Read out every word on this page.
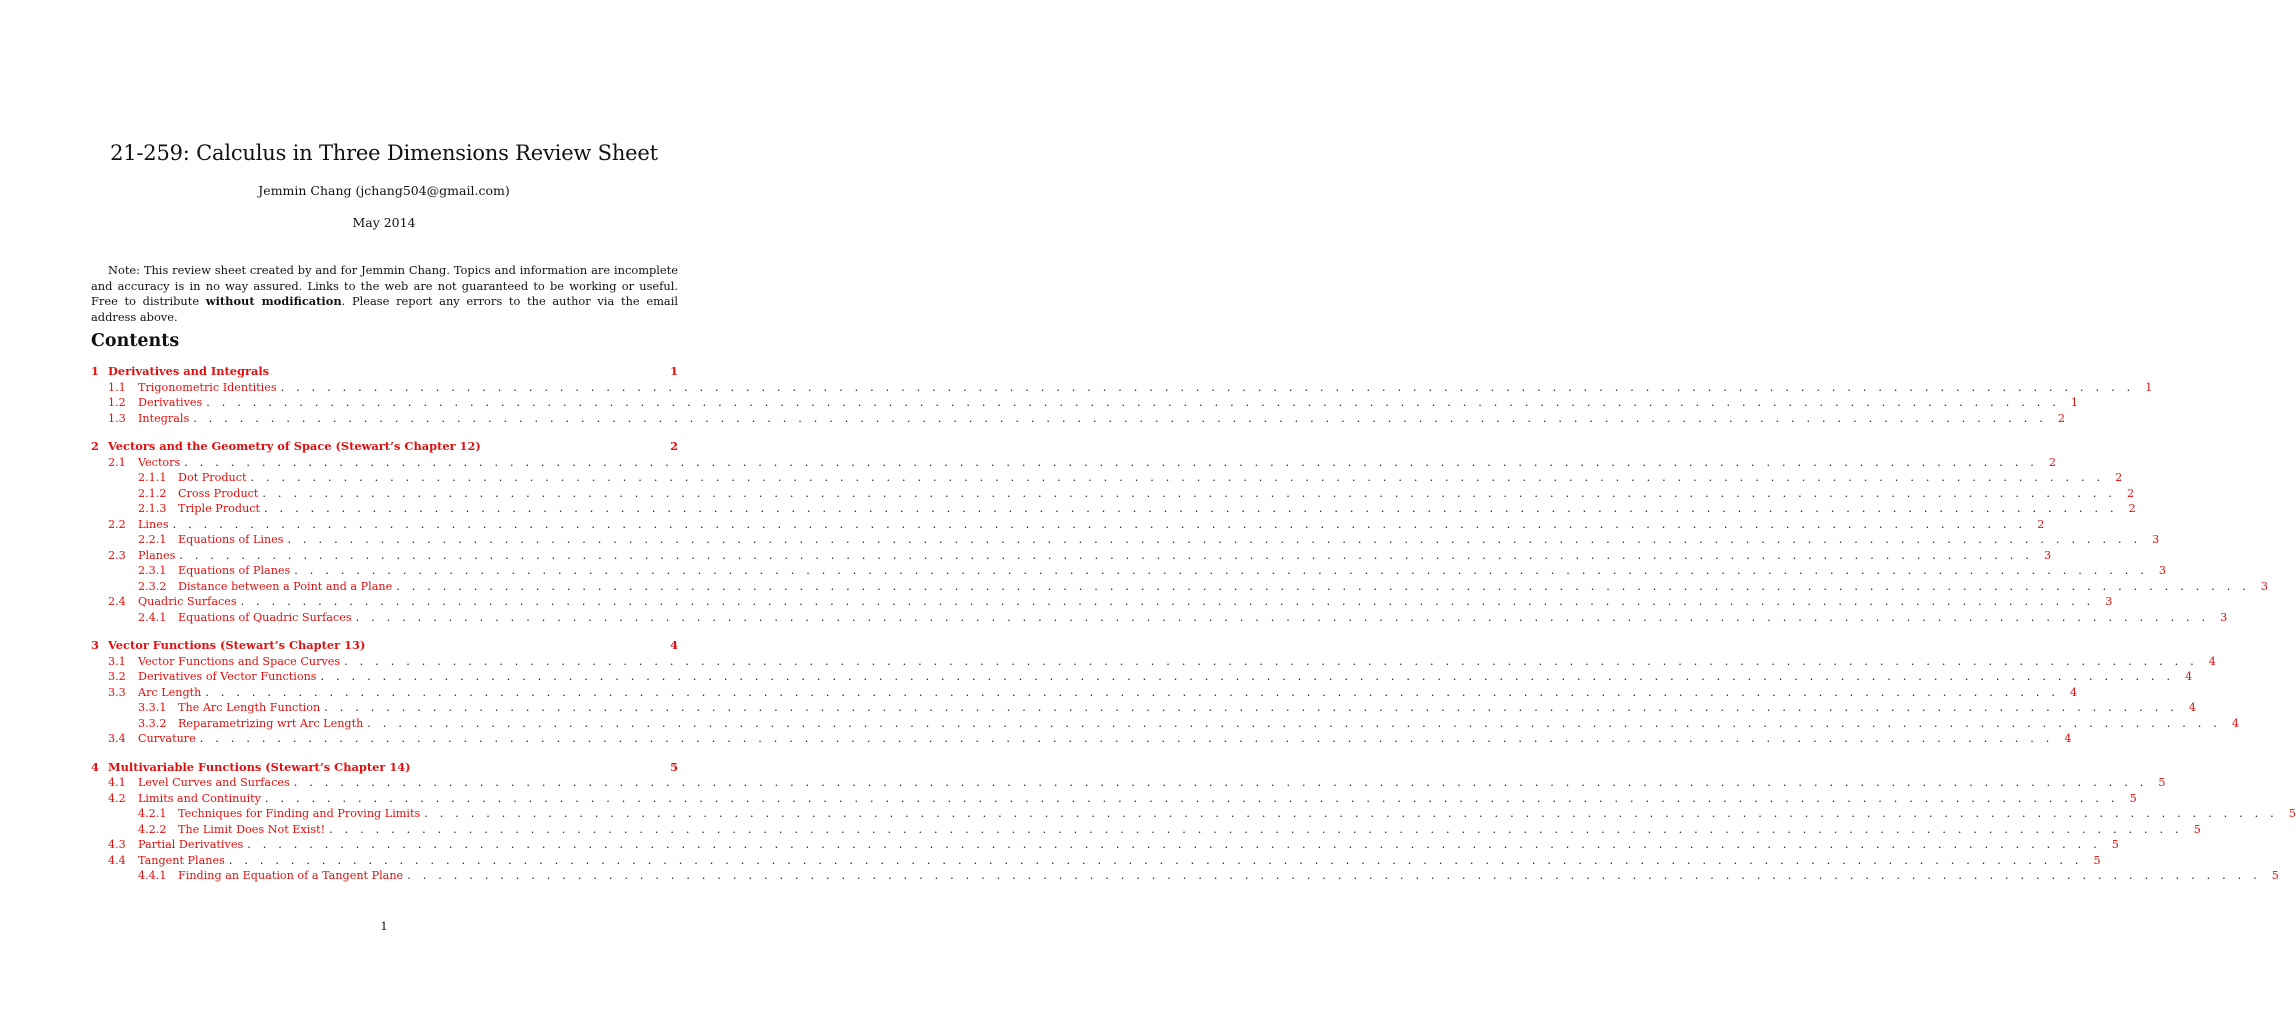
21-259: Calculus in Three Dimensions Review Sheet
Jemmin Chang (jchang504@gmail.com)
May 2014
Note: This review sheet created by and for Jemmin Chang. Topics and information are incomplete and accuracy is in no way assured. Links to the web are not guaranteed to be working or useful. Free to distribute without modification. Please report any errors to the author via the email address above.
Contents
1 Derivatives and Integrals	1
1.1	Trigonometric Identities . . . . . . . . . . . . . . . . . . . . . . . . . . . . . . . . . . . . . . . . . . . . . . . . . . . . . . . . . . . . . . . . . . . . . . . . . . . . . . . . . . . . . . . . . . . . . . . . . . . . . . . . . . . . . . . . . . . . . . . . 1
1.2	Derivatives . . . . . . . . . . . . . . . . . . . . . . . . . . . . . . . . . . . . . . . . . . . . . . . . . . . . . . . . . . . . . . . . . . . . . . . . . . . . . . . . . . . . . . . . . . . . . . . . . . . . . . . . . . . . . . . . . . . . . . . . 1
1.3	Integrals . . . . . . . . . . . . . . . . . . . . . . . . . . . . . . . . . . . . . . . . . . . . . . . . . . . . . . . . . . . . . . . . . . . . . . . . . . . . . . . . . . . . . . . . . . . . . . . . . . . . . . . . . . . . . . . . . . . . . . . . 2
2 Vectors and the Geometry of Space (Stewart’s Chapter 12)	2
2.1	Vectors . . . . . . . . . . . . . . . . . . . . . . . . . . . . . . . . . . . . . . . . . . . . . . . . . . . . . . . . . . . . . . . . . . . . . . . . . . . . . . . . . . . . . . . . . . . . . . . . . . . . . . . . . . . . . . . . . . . . . . . . 2
2.1.1	Dot Product . . . . . . . . . . . . . . . . . . . . . . . . . . . . . . . . . . . . . . . . . . . . . . . . . . . . . . . . . . . . . . . . . . . . . . . . . . . . . . . . . . . . . . . . . . . . . . . . . . . . . . . . . . . . . . . . . . . . . . . . 2
2.1.2	Cross Product . . . . . . . . . . . . . . . . . . . . . . . . . . . . . . . . . . . . . . . . . . . . . . . . . . . . . . . . . . . . . . . . . . . . . . . . . . . . . . . . . . . . . . . . . . . . . . . . . . . . . . . . . . . . . . . . . . . . . . . . 2
2.1.3	Triple Product . . . . . . . . . . . . . . . . . . . . . . . . . . . . . . . . . . . . . . . . . . . . . . . . . . . . . . . . . . . . . . . . . . . . . . . . . . . . . . . . . . . . . . . . . . . . . . . . . . . . . . . . . . . . . . . . . . . . . . . . 2
2.2	Lines . . . . . . . . . . . . . . . . . . . . . . . . . . . . . . . . . . . . . . . . . . . . . . . . . . . . . . . . . . . . . . . . . . . . . . . . . . . . . . . . . . . . . . . . . . . . . . . . . . . . . . . . . . . . . . . . . . . . . . . . 2
2.2.1	Equations of Lines . . . . . . . . . . . . . . . . . . . . . . . . . . . . . . . . . . . . . . . . . . . . . . . . . . . . . . . . . . . . . . . . . . . . . . . . . . . . . . . . . . . . . . . . . . . . . . . . . . . . . . . . . . . . . . . . . . . . . . . . 3
2.3	Planes . . . . . . . . . . . . . . . . . . . . . . . . . . . . . . . . . . . . . . . . . . . . . . . . . . . . . . . . . . . . . . . . . . . . . . . . . . . . . . . . . . . . . . . . . . . . . . . . . . . . . . . . . . . . . . . . . . . . . . . . 3
2.3.1	Equations of Planes . . . . . . . . . . . . . . . . . . . . . . . . . . . . . . . . . . . . . . . . . . . . . . . . . . . . . . . . . . . . . . . . . . . . . . . . . . . . . . . . . . . . . . . . . . . . . . . . . . . . . . . . . . . . . . . . . . . . . . . . 3
2.3.2	Distance between a Point and a Plane . . . . . . . . . . . . . . . . . . . . . . . . . . . . . . . . . . . . . . . . . . . . . . . . . . . . . . . . . . . . . . . . . . . . . . . . . . . . . . . . . . . . . . . . . . . . . . . . . . . . . . . . . . . . . . . . . . . . . . . . 3
2.4	Quadric Surfaces . . . . . . . . . . . . . . . . . . . . . . . . . . . . . . . . . . . . . . . . . . . . . . . . . . . . . . . . . . . . . . . . . . . . . . . . . . . . . . . . . . . . . . . . . . . . . . . . . . . . . . . . . . . . . . . . . . . . . . . . 3
2.4.1	Equations of Quadric Surfaces . . . . . . . . . . . . . . . . . . . . . . . . . . . . . . . . . . . . . . . . . . . . . . . . . . . . . . . . . . . . . . . . . . . . . . . . . . . . . . . . . . . . . . . . . . . . . . . . . . . . . . . . . . . . . . . . . . . . . . . . 3
3 Vector Functions (Stewart’s Chapter 13)	4
3.1	Vector Functions and Space Curves . . . . . . . . . . . . . . . . . . . . . . . . . . . . . . . . . . . . . . . . . . . . . . . . . . . . . . . . . . . . . . . . . . . . . . . . . . . . . . . . . . . . . . . . . . . . . . . . . . . . . . . . . . . . . . . . . . . . . . . . 4
3.2	Derivatives of Vector Functions . . . . . . . . . . . . . . . . . . . . . . . . . . . . . . . . . . . . . . . . . . . . . . . . . . . . . . . . . . . . . . . . . . . . . . . . . . . . . . . . . . . . . . . . . . . . . . . . . . . . . . . . . . . . . . . . . . . . . . . . 4
3.3	Arc Length . . . . . . . . . . . . . . . . . . . . . . . . . . . . . . . . . . . . . . . . . . . . . . . . . . . . . . . . . . . . . . . . . . . . . . . . . . . . . . . . . . . . . . . . . . . . . . . . . . . . . . . . . . . . . . . . . . . . . . . . 4
3.3.1	The Arc Length Function . . . . . . . . . . . . . . . . . . . . . . . . . . . . . . . . . . . . . . . . . . . . . . . . . . . . . . . . . . . . . . . . . . . . . . . . . . . . . . . . . . . . . . . . . . . . . . . . . . . . . . . . . . . . . . . . . . . . . . . . 4
3.3.2	Reparametrizing wrt Arc Length . . . . . . . . . . . . . . . . . . . . . . . . . . . . . . . . . . . . . . . . . . . . . . . . . . . . . . . . . . . . . . . . . . . . . . . . . . . . . . . . . . . . . . . . . . . . . . . . . . . . . . . . . . . . . . . . . . . . . . . . 4
3.4	Curvature . . . . . . . . . . . . . . . . . . . . . . . . . . . . . . . . . . . . . . . . . . . . . . . . . . . . . . . . . . . . . . . . . . . . . . . . . . . . . . . . . . . . . . . . . . . . . . . . . . . . . . . . . . . . . . . . . . . . . . . . 4
4 Multivariable Functions (Stewart’s Chapter 14)	5
4.1	Level Curves and Surfaces . . . . . . . . . . . . . . . . . . . . . . . . . . . . . . . . . . . . . . . . . . . . . . . . . . . . . . . . . . . . . . . . . . . . . . . . . . . . . . . . . . . . . . . . . . . . . . . . . . . . . . . . . . . . . . . . . . . . . . . . 5
4.2	Limits and Continuity . . . . . . . . . . . . . . . . . . . . . . . . . . . . . . . . . . . . . . . . . . . . . . . . . . . . . . . . . . . . . . . . . . . . . . . . . . . . . . . . . . . . . . . . . . . . . . . . . . . . . . . . . . . . . . . . . . . . . . . . 5
4.2.1	Techniques for Finding and Proving Limits . . . . . . . . . . . . . . . . . . . . . . . . . . . . . . . . . . . . . . . . . . . . . . . . . . . . . . . . . . . . . . . . . . . . . . . . . . . . . . . . . . . . . . . . . . . . . . . . . . . . . . . . . . . . . . . . . . . . . . . . 5
4.2.2	The Limit Does Not Exist! . . . . . . . . . . . . . . . . . . . . . . . . . . . . . . . . . . . . . . . . . . . . . . . . . . . . . . . . . . . . . . . . . . . . . . . . . . . . . . . . . . . . . . . . . . . . . . . . . . . . . . . . . . . . . . . . . . . . . . . . 5
4.3	Partial Derivatives . . . . . . . . . . . . . . . . . . . . . . . . . . . . . . . . . . . . . . . . . . . . . . . . . . . . . . . . . . . . . . . . . . . . . . . . . . . . . . . . . . . . . . . . . . . . . . . . . . . . . . . . . . . . . . . . . . . . . . . . 5
4.4	Tangent Planes . . . . . . . . . . . . . . . . . . . . . . . . . . . . . . . . . . . . . . . . . . . . . . . . . . . . . . . . . . . . . . . . . . . . . . . . . . . . . . . . . . . . . . . . . . . . . . . . . . . . . . . . . . . . . . . . . . . . . . . . 5
4.4.1	Finding an Equation of a Tangent Plane . . . . . . . . . . . . . . . . . . . . . . . . . . . . . . . . . . . . . . . . . . . . . . . . . . . . . . . . . . . . . . . . . . . . . . . . . . . . . . . . . . . . . . . . . . . . . . . . . . . . . . . . . . . . . . . . . . . . . . . . 5
1
